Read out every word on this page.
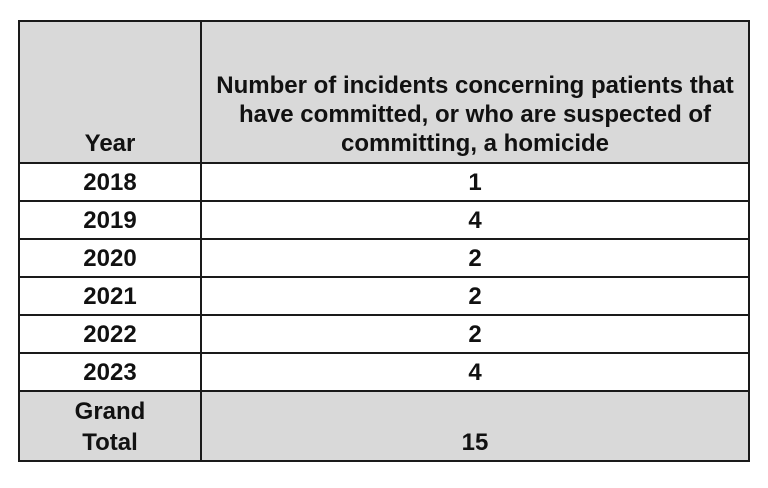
Year	Number of incidents concerning patients that have committed, or who are suspected of committing, a homicide
2018	1
2019	4
2020	2
2021	2
2022	2
2023	4

Grand Total	15
